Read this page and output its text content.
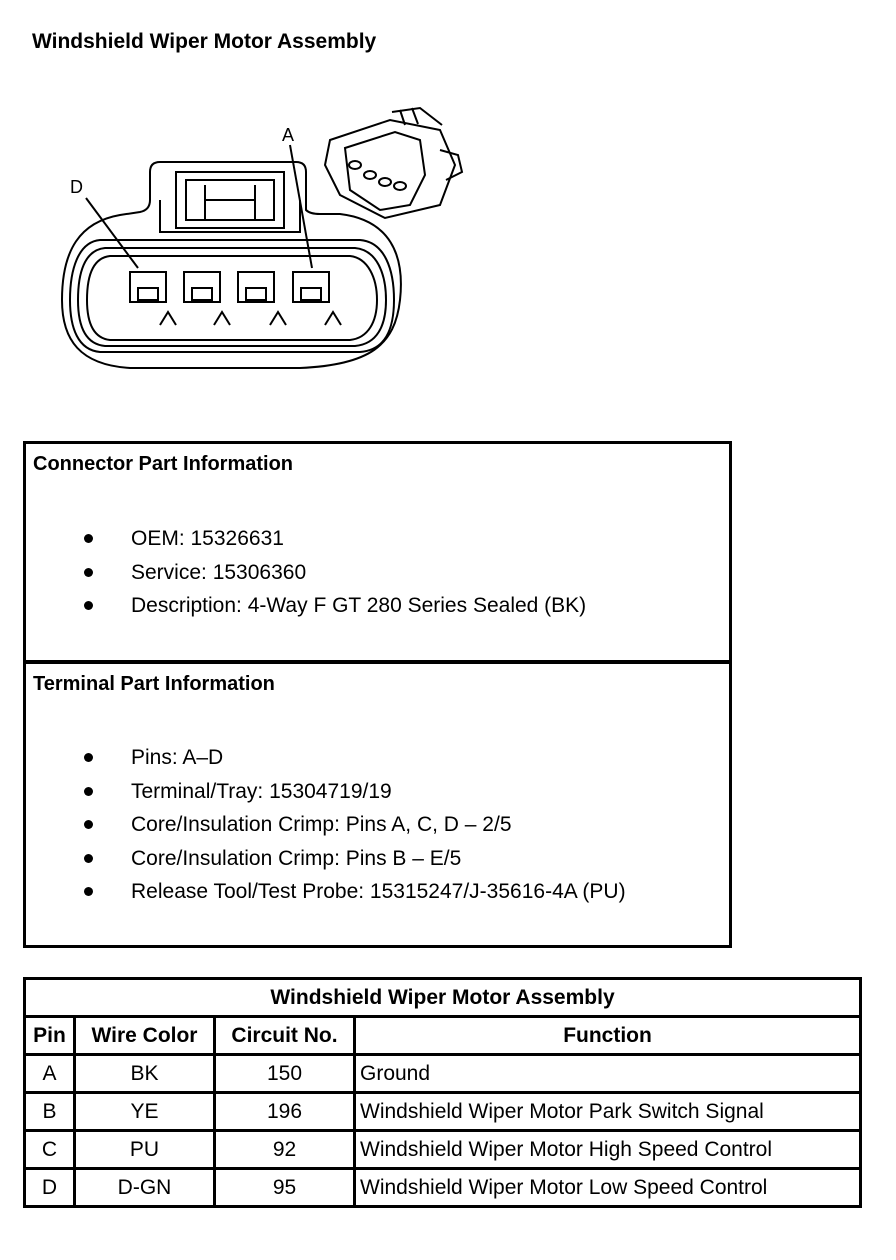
Windshield Wiper Motor Assembly
A
D
Connector Part Information
OEM: 15326631
Service: 15306360
Description: 4-Way F GT 280 Series Sealed (BK)
Terminal Part Information
Pins: A–D
Terminal/Tray: 15304719/19
Core/Insulation Crimp: Pins A, C, D – 2/5
Core/Insulation Crimp: Pins B – E/5
Release Tool/Test Probe: 15315247/J-35616-4A (PU)
Windshield Wiper Motor Assembly			
Pin	Wire Color	Circuit No.	Function
A	BK	150	Ground
B	YE	196	Windshield Wiper Motor Park Switch Signal
C	PU	92	Windshield Wiper Motor High Speed Control
D	D-GN	95	Windshield Wiper Motor Low Speed Control
